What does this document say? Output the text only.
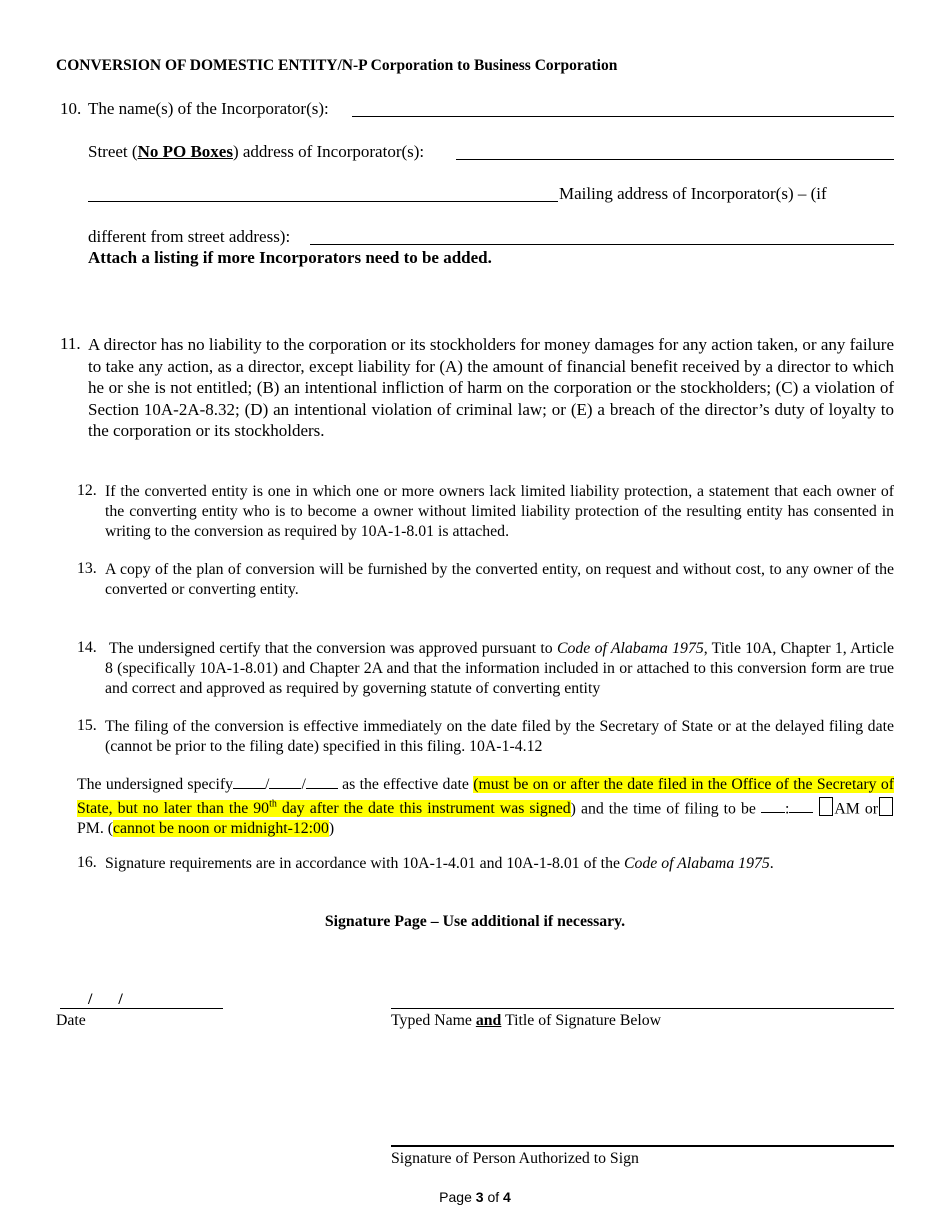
CONVERSION OF DOMESTIC ENTITY/N-P Corporation to Business Corporation
10. The name(s) of the Incorporator(s):
Street (No PO Boxes) address of Incorporator(s):
Mailing address of Incorporator(s) – (if
different from street address):
Attach a listing if more Incorporators need to be added.
11. A director has no liability to the corporation or its stockholders for money damages for any action taken, or any failure to take any action, as a director, except liability for (A) the amount of financial benefit received by a director to which he or she is not entitled; (B) an intentional infliction of harm on the corporation or the stockholders; (C) a violation of Section 10A-2A-8.32; (D) an intentional violation of criminal law; or (E) a breach of the director’s duty of loyalty to the corporation or its stockholders.
12. If the converted entity is one in which one or more owners lack limited liability protection, a statement that each owner of the converting entity who is to become a owner without limited liability protection of the resulting entity has consented in writing to the conversion as required by 10A-1-8.01 is attached.
13. A copy of the plan of conversion will be furnished by the converted entity, on request and without cost, to any owner of the converted or converting entity.
14. The undersigned certify that the conversion was approved pursuant to Code of Alabama 1975, Title 10A, Chapter 1, Article 8 (specifically 10A-1-8.01) and Chapter 2A and that the information included in or attached to this conversion form are true and correct and approved as required by governing statute of converting entity
15. The filing of the conversion is effective immediately on the date filed by the Secretary of State or at the delayed filing date (cannot be prior to the filing date) specified in this filing. 10A-1-4.12
The undersigned specify / / as the effective date (must be on or after the date filed in the Office of the Secretary of State, but no later than the 90th day after the date this instrument was signed) and the time of filing to be :	AM orPM. (cannot be noon or midnight-12:00)
16. Signature requirements are in accordance with 10A-1-4.01 and 10A-1-8.01 of the Code of Alabama 1975.
Signature Page – Use additional if necessary.
/ /
Date	Typed Name and Title of Signature Below
Signature of Person Authorized to Sign
Page 3 of 4
